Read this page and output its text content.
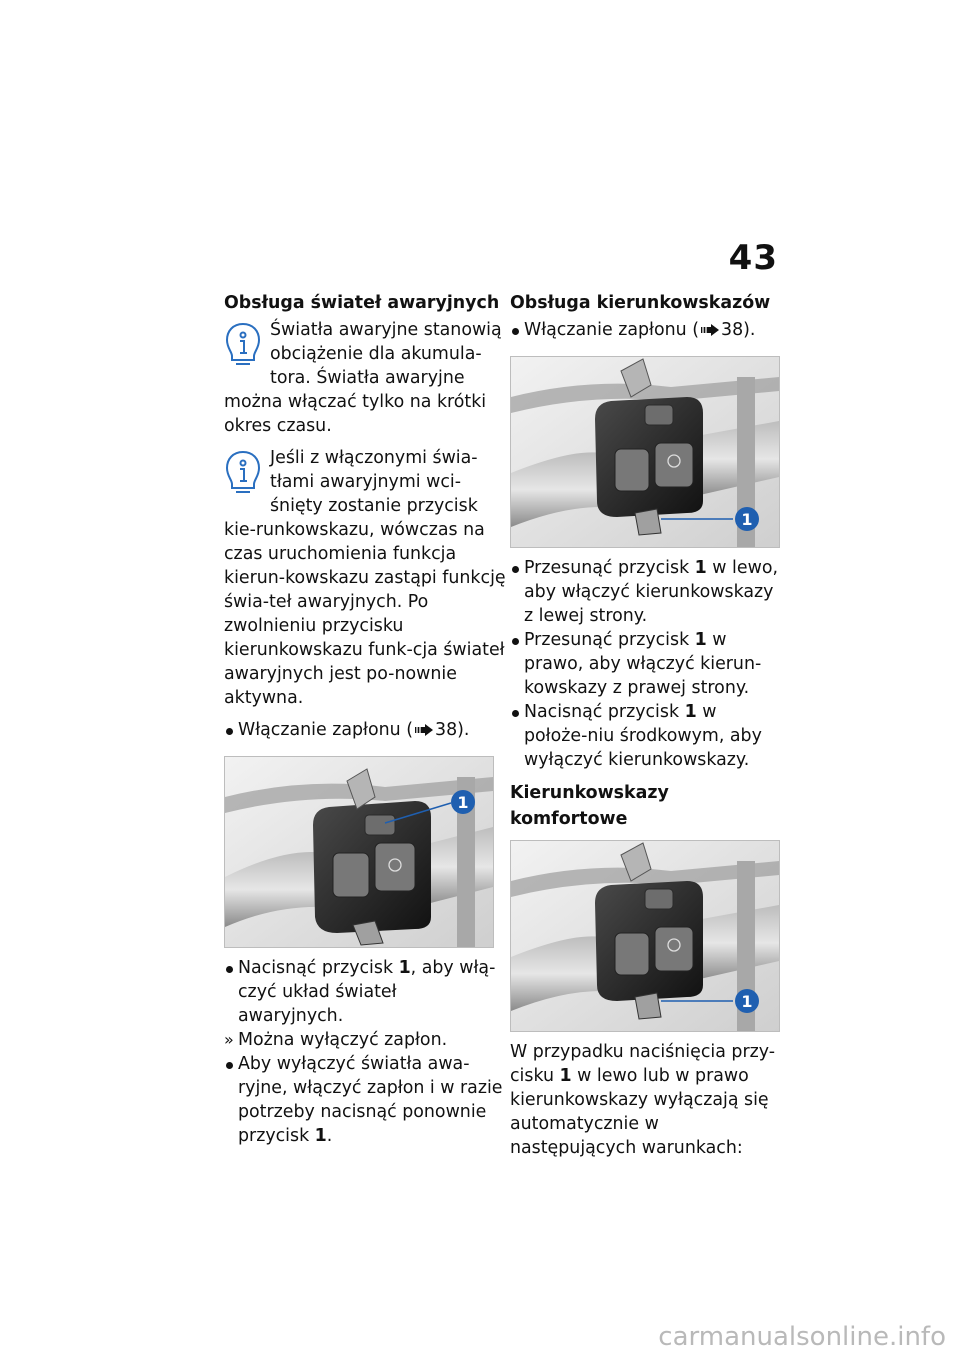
43
Obsługa świateł awaryjnych

Światła awaryjne stanowią obciążenie dla akumula-tora. Światła awaryjne można włączać tylko na krótki okres czasu.

Jeśli z włączonymi świa-tłami awaryjnymi wci-śnięty zostanie przycisk kie-runkowskazu, wówczas na czas uruchomienia funkcja kierun-kowskazu zastąpi funkcję świa-teł awaryjnych. Po zwolnieniu przycisku kierunkowskazu funk-cja świateł awaryjnych jest po-nownie aktywna.

Włączanie zapłonu ( 38).
1
Nacisnąć przycisk 1, aby włą-czyć układ świateł awaryjnych.
» Można wyłączyć zapłon.
Aby wyłączyć światła awa-ryjne, włączyć zapłon i w razie potrzeby nacisnąć ponownie przycisk 1.
Obsługa kierunkowskazów
Włączanie zapłonu ( 38).
1
Przesunąć przycisk 1 w lewo, aby włączyć kierunkowskazy z lewej strony.
Przesunąć przycisk 1 w prawo, aby włączyć kierun-kowskazy z prawej strony.
Nacisnąć przycisk 1 w położe-niu środkowym, aby wyłączyć kierunkowskazy.
Kierunkowskazy komfortowe
1

W przypadku naciśnięcia przy-cisku 1 w lewo lub w prawo kierunkowskazy wyłączają się automatycznie w następujących warunkach:

carmanualsonline.info
